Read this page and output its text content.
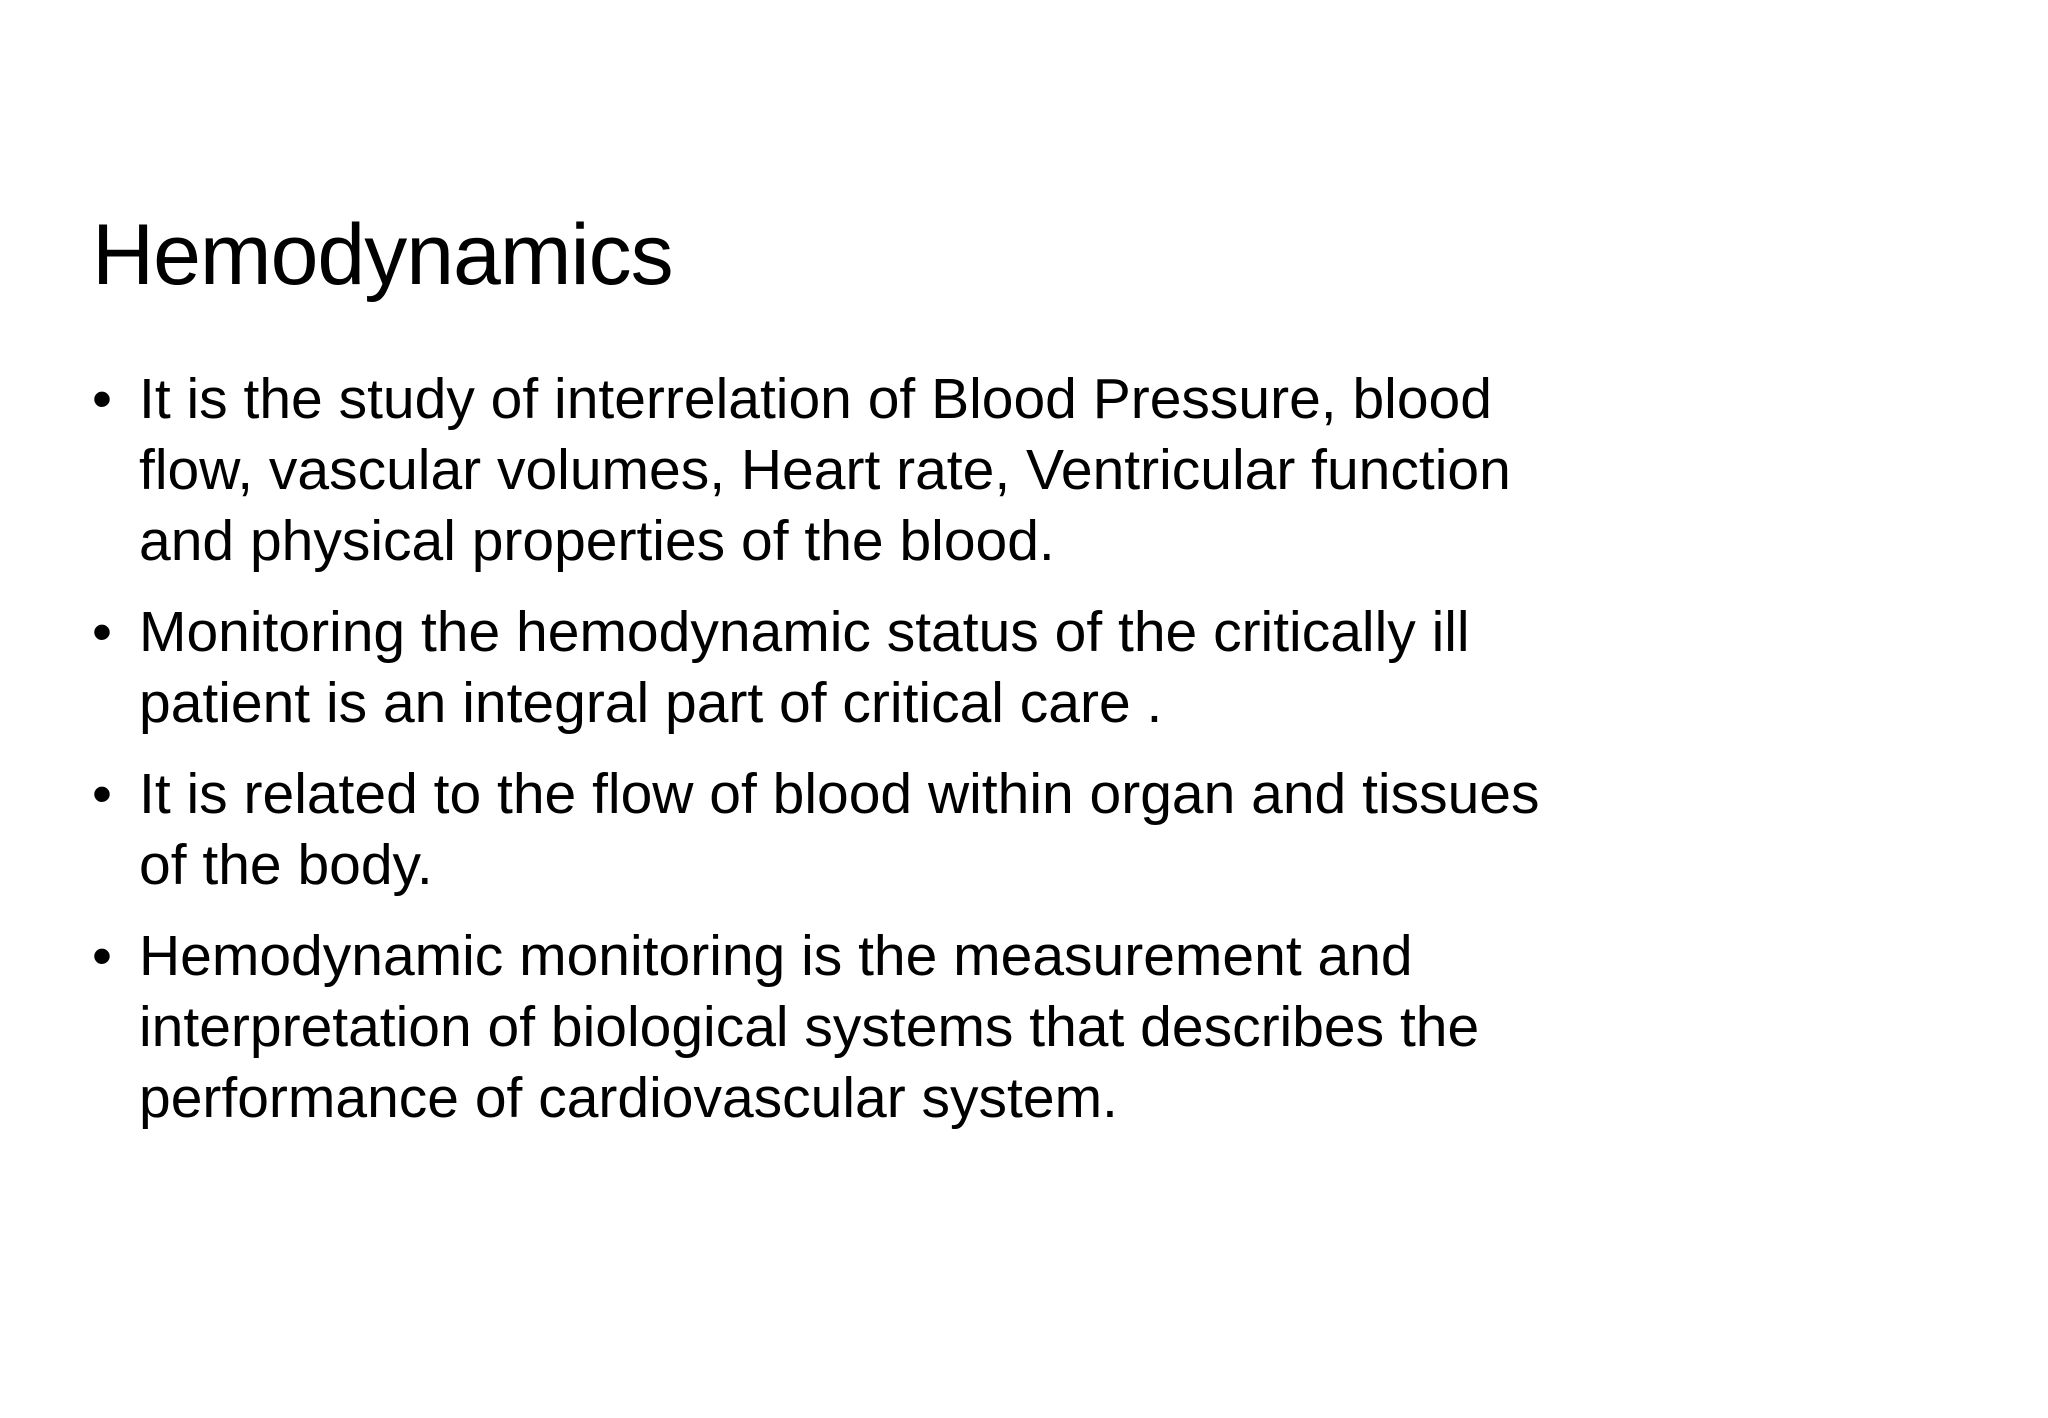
Hemodynamics
• It is the study of interrelation of Blood Pressure, blood
flow, vascular volumes, Heart rate, Ventricular function
and physical properties of the blood.

• Monitoring the hemodynamic status of the critically ill
patient is an integral part of critical care .

• It is related to the flow of blood within organ and tissues
of the body.

• Hemodynamic monitoring is the measurement and
interpretation of biological systems that describes the
performance of cardiovascular system.
